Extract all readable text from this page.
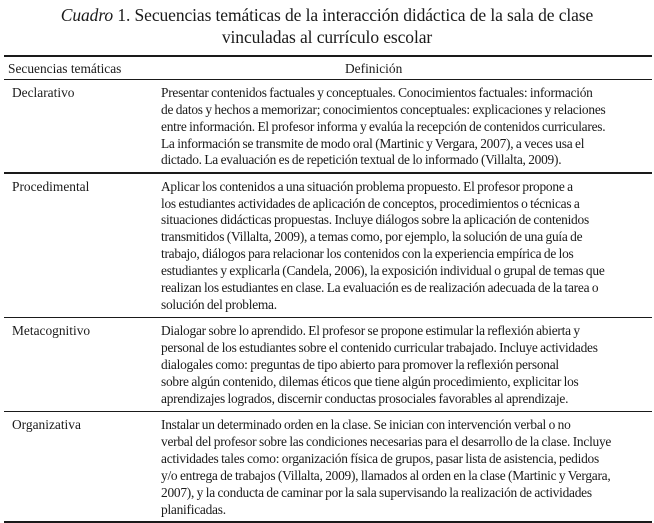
Cuadro 1. Secuencias temáticas de la interacción didáctica de la sala de clase
vinculadas al currículo escolar
Secuencias temáticas	Definición
Declarativo	Presentar contenidos factuales y conceptuales. Conocimientos factuales: información
de datos y hechos a memorizar; conocimientos conceptuales: explicaciones y relaciones
entre información. El profesor informa y evalúa la recepción de contenidos curriculares.
La información se transmite de modo oral (Martinic y Vergara, 2007), a veces usa el
dictado. La evaluación es de repetición textual de lo informado (Villalta, 2009).
Procedimental	Aplicar los contenidos a una situación problema propuesto. El profesor propone a
los estudiantes actividades de aplicación de conceptos, procedimientos o técnicas a
situaciones didácticas propuestas. Incluye diálogos sobre la aplicación de contenidos
transmitidos (Villalta, 2009), a temas como, por ejemplo, la solución de una guía de
trabajo, diálogos para relacionar los contenidos con la experiencia empírica de los
estudiantes y explicarla (Candela, 2006), la exposición individual o grupal de temas que
realizan los estudiantes en clase. La evaluación es de realización adecuada de la tarea o
solución del problema.
Metacognitivo	Dialogar sobre lo aprendido. El profesor se propone estimular la reflexión abierta y
personal de los estudiantes sobre el contenido curricular trabajado. Incluye actividades
dialogales como: preguntas de tipo abierto para promover la reflexión personal
sobre algún contenido, dilemas éticos que tiene algún procedimiento, explicitar los
aprendizajes logrados, discernir conductas prosociales favorables al aprendizaje.
Organizativa	Instalar un determinado orden en la clase. Se inician con intervención verbal o no
verbal del profesor sobre las condiciones necesarias para el desarrollo de la clase. Incluye
actividades tales como: organización física de grupos, pasar lista de asistencia, pedidos
y/o entrega de trabajos (Villalta, 2009), llamados al orden en la clase (Martinic y Vergara,
2007), y la conducta de caminar por la sala supervisando la realización de actividades
planificadas.
